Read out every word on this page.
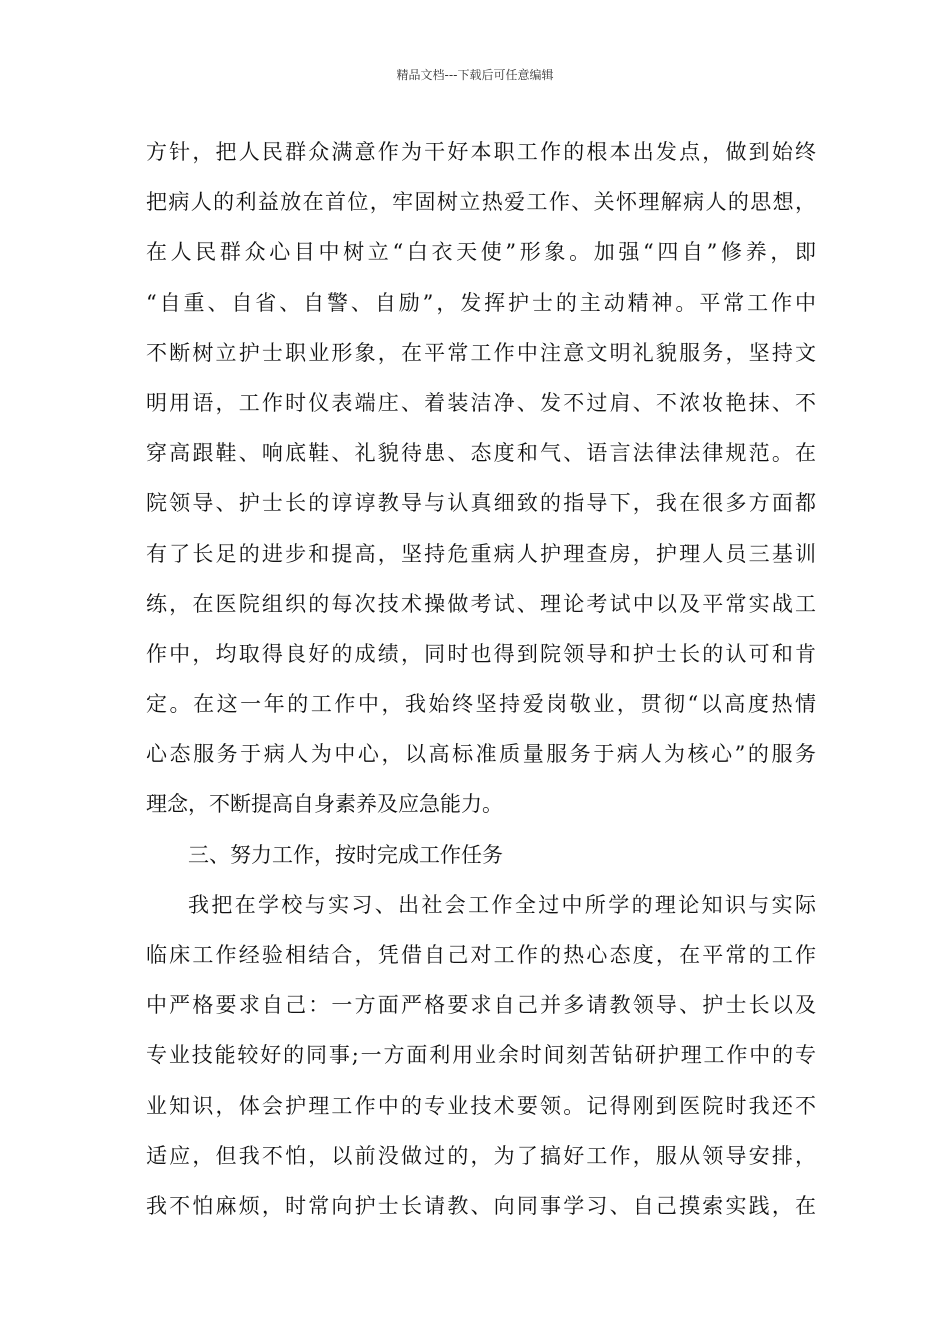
精品文档---下载后可任意编辑
方针，把人民群众满意作为干好本职工作的根本出发点，做到始终
把病人的利益放在首位，牢固树立热爱工作、关怀理解病人的思想，
在人民群众心目中树立“白衣天使”形象。加强“四自”修养，即
“自重、自省、自警、自励”，发挥护士的主动精神。平常工作中
不断树立护士职业形象，在平常工作中注意文明礼貌服务，坚持文
明用语，工作时仪表端庄、着装洁净、发不过肩、不浓妆艳抹、不
穿高跟鞋、响底鞋、礼貌待患、态度和气、语言法律法律规范。在
院领导、护士长的谆谆教导与认真细致的指导下，我在很多方面都
有了长足的进步和提高，坚持危重病人护理查房，护理人员三基训
练，在医院组织的每次技术操做考试、理论考试中以及平常实战工
作中，均取得良好的成绩，同时也得到院领导和护士长的认可和肯
定。在这一年的工作中，我始终坚持爱岗敬业，贯彻“以高度热情
心态服务于病人为中心，以高标准质量服务于病人为核心”的服务
理念，不断提高自身素养及应急能力。
三、努力工作，按时完成工作任务
我把在学校与实习、出社会工作全过中所学的理论知识与实际
临床工作经验相结合，凭借自己对工作的热心态度，在平常的工作
中严格要求自己：一方面严格要求自己并多请教领导、护士长以及
专业技能较好的同事;一方面利用业余时间刻苦钻研护理工作中的专
业知识，体会护理工作中的专业技术要领。记得刚到医院时我还不
适应，但我不怕，以前没做过的，为了搞好工作，服从领导安排，
我不怕麻烦，时常向护士长请教、向同事学习、自己摸索实践，在
